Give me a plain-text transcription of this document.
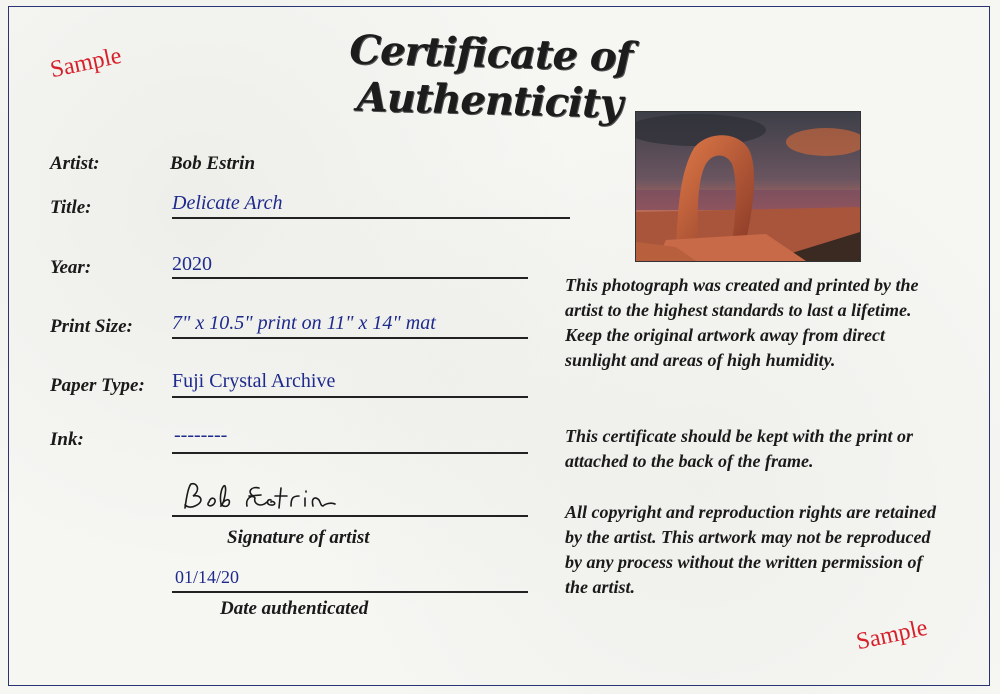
Certificate of Authenticity
Sample
Sample
Artist:	Bob Estrin
Title:	Delicate Arch
Year:	2020
Print Size: 7" x 10.5" print on 11" x 14" mat
Paper Type: Fuji Crystal Archive
Ink:	--------
Signature of artist
01/14/20
Date authenticated
This photograph was created and printed by the artist to the highest standards to last a lifetime. Keep the original artwork away from direct sunlight and areas of high humidity.
This certificate should be kept with the print or attached to the back of the frame.
All copyright and reproduction rights are retained by the artist. This artwork may not be reproduced by any process without the written permission of the artist.
